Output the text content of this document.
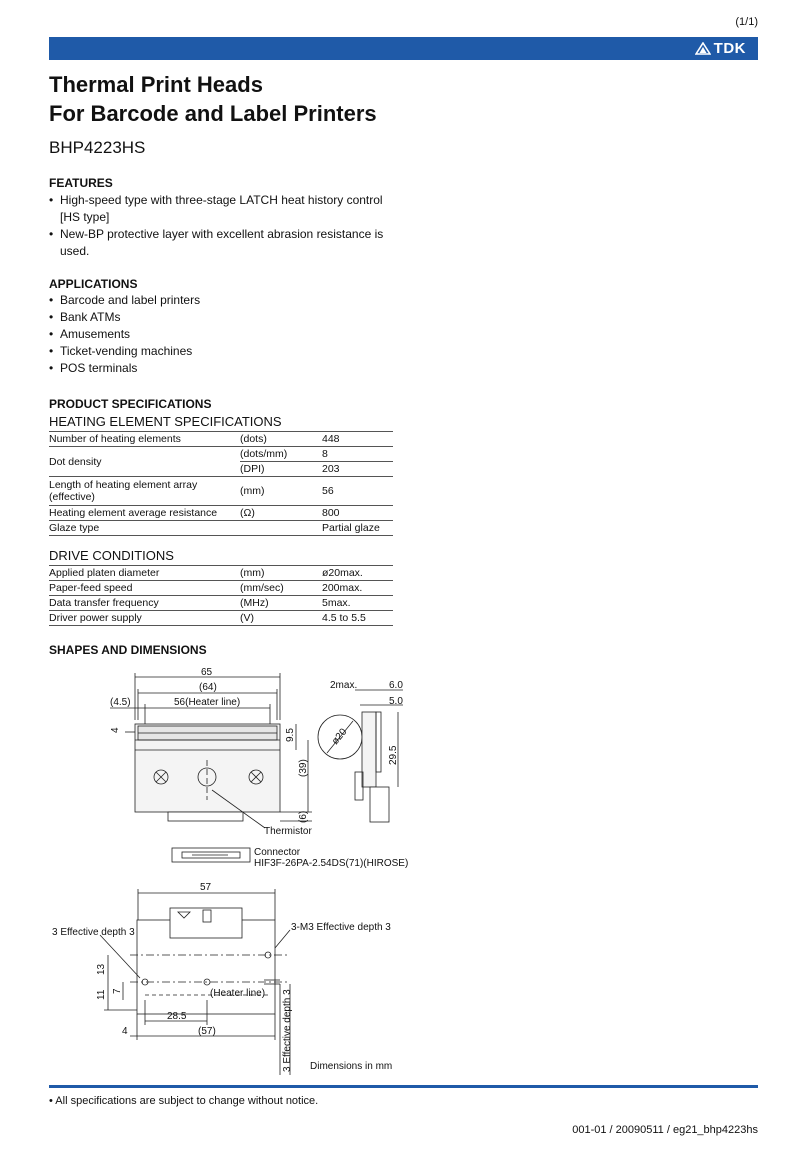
(1/1)
TDK
Thermal Print Heads
For Barcode and Label Printers
BHP4223HS
FEATURES
• High-speed type with three-stage LATCH heat history control [HS type]
• New-BP protective layer with excellent abrasion resistance is used.
APPLICATIONS
• Barcode and label printers
• Bank ATMs
• Amusements
• Ticket-vending machines
• POS terminals
PRODUCT SPECIFICATIONS
HEATING ELEMENT SPECIFICATIONS
Number of heating elements	(dots)	448
Dot density	(dots/mm)	8
	(DPI)	203
Length of heating element array (effective)	(mm)	56
Heating element average resistance	(Ω)	800
Glaze type		Partial glaze
DRIVE CONDITIONS
Applied platen diameter	(mm)	ø20max.
Paper-feed speed	(mm/sec)	200max.
Data transfer frequency	(MHz)	5max.
Driver power supply	(V)	4.5 to 5.5
SHAPES AND DIMENSIONS
65
(64)
(4.5)	56(Heater line)
4	9.5
(39)
(6)
Thermistor
ø20
2max.	6.0
5.0
29.5
Connector
HIF3F-26PA-2.54DS(71)(HIROSE)
57
3 Effective depth 3	3-M3 Effective depth 3
13
11 7	(Heater line)
28.5
4	(57)	3 Effective depth 3 Dimensions in mm
• All specifications are subject to change without notice.
001-01 / 20090511 / eg21_bhp4223hs
